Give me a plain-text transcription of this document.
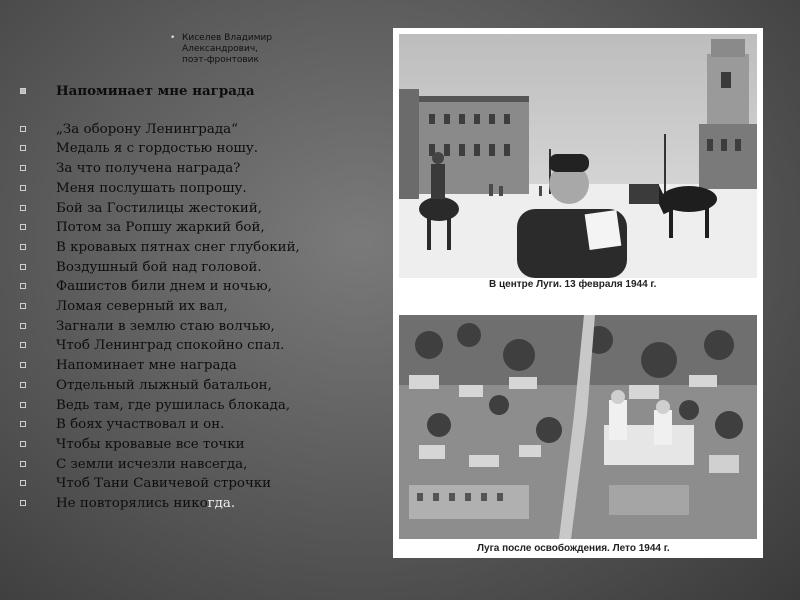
• Киселев Владимир Александрович,
поэт-фронтовик
Напоминает мне награда
„За оборону Ленинграда“
Медаль я с гордостью ношу.
За что получена награда?
Меня послушать попрошу.
Бой за Гостилицы жестокий,
Потом за Ропшу жаркий бой,
В кровавых пятнах снег глубокий,
Воздушный бой над головой.
Фашистов били днем и ночью,
Ломая северный их вал,
Загнали в землю стаю волчью,
Чтоб Ленинград спокойно спал.
Напоминает мне награда
Отдельный лыжный батальон,
Ведь там, где рушилась блокада,
В боях участвовал и он.
Чтобы кровавые все точки
С земли исчезли навсегда,
Чтоб Тани Савичевой строчки
Не повторялись никогда.
В центре Луги. 13 февраля 1944 г.
Луга после освобождения. Лето 1944 г.
